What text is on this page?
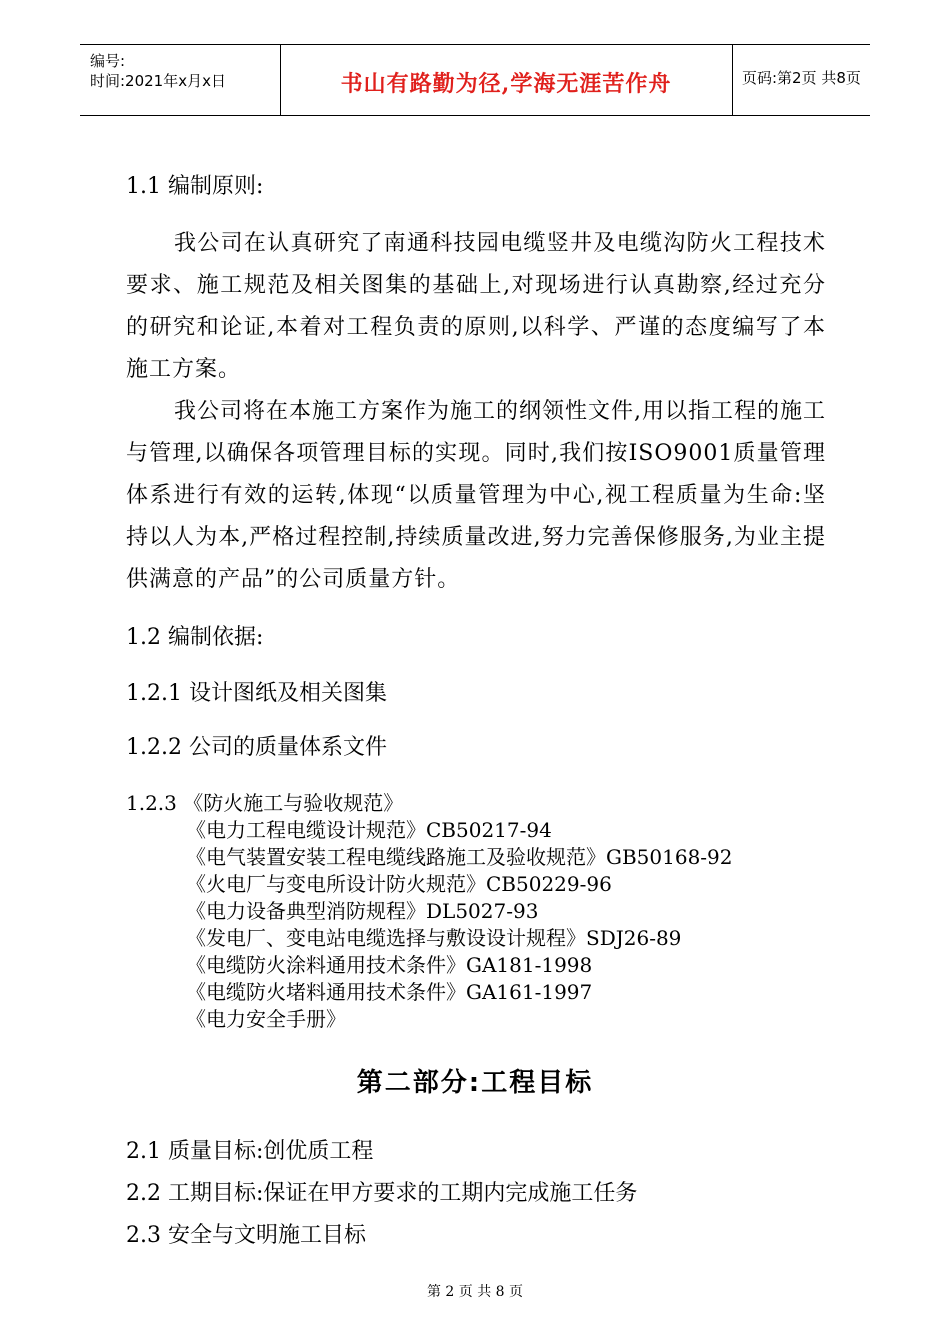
编号:
时间:2021年x月x日	书山有路勤为径,学海无涯苦作舟	页码:第2页 共8页
1.1 编制原则:
我公司在认真研究了南通科技园电缆竖井及电缆沟防火工程技术要求、施工规范及相关图集的基础上,对现场进行认真勘察,经过充分的研究和论证,本着对工程负责的原则,以科学、严谨的态度编写了本施工方案。
我公司将在本施工方案作为施工的纲领性文件,用以指工程的施工与管理,以确保各项管理目标的实现。同时,我们按ISO9001质量管理体系进行有效的运转,体现“以质量管理为中心,视工程质量为生命:坚持以人为本,严格过程控制,持续质量改进,努力完善保修服务,为业主提供满意的产品”的公司质量方针。
1.2 编制依据:
1.2.1 设计图纸及相关图集
1.2.2 公司的质量体系文件
1.2.3 《防火施工与验收规范》
《电力工程电缆设计规范》CB50217-94
《电气装置安装工程电缆线路施工及验收规范》GB50168-92
《火电厂与变电所设计防火规范》CB50229-96
《电力设备典型消防规程》DL5027-93
《发电厂、变电站电缆选择与敷设设计规程》SDJ26-89
《电缆防火涂料通用技术条件》GA181-1998
《电缆防火堵料通用技术条件》GA161-1997
《电力安全手册》
第二部分:工程目标
2.1 质量目标:创优质工程
2.2 工期目标:保证在甲方要求的工期内完成施工任务
2.3 安全与文明施工目标
第 2 页 共 8 页
